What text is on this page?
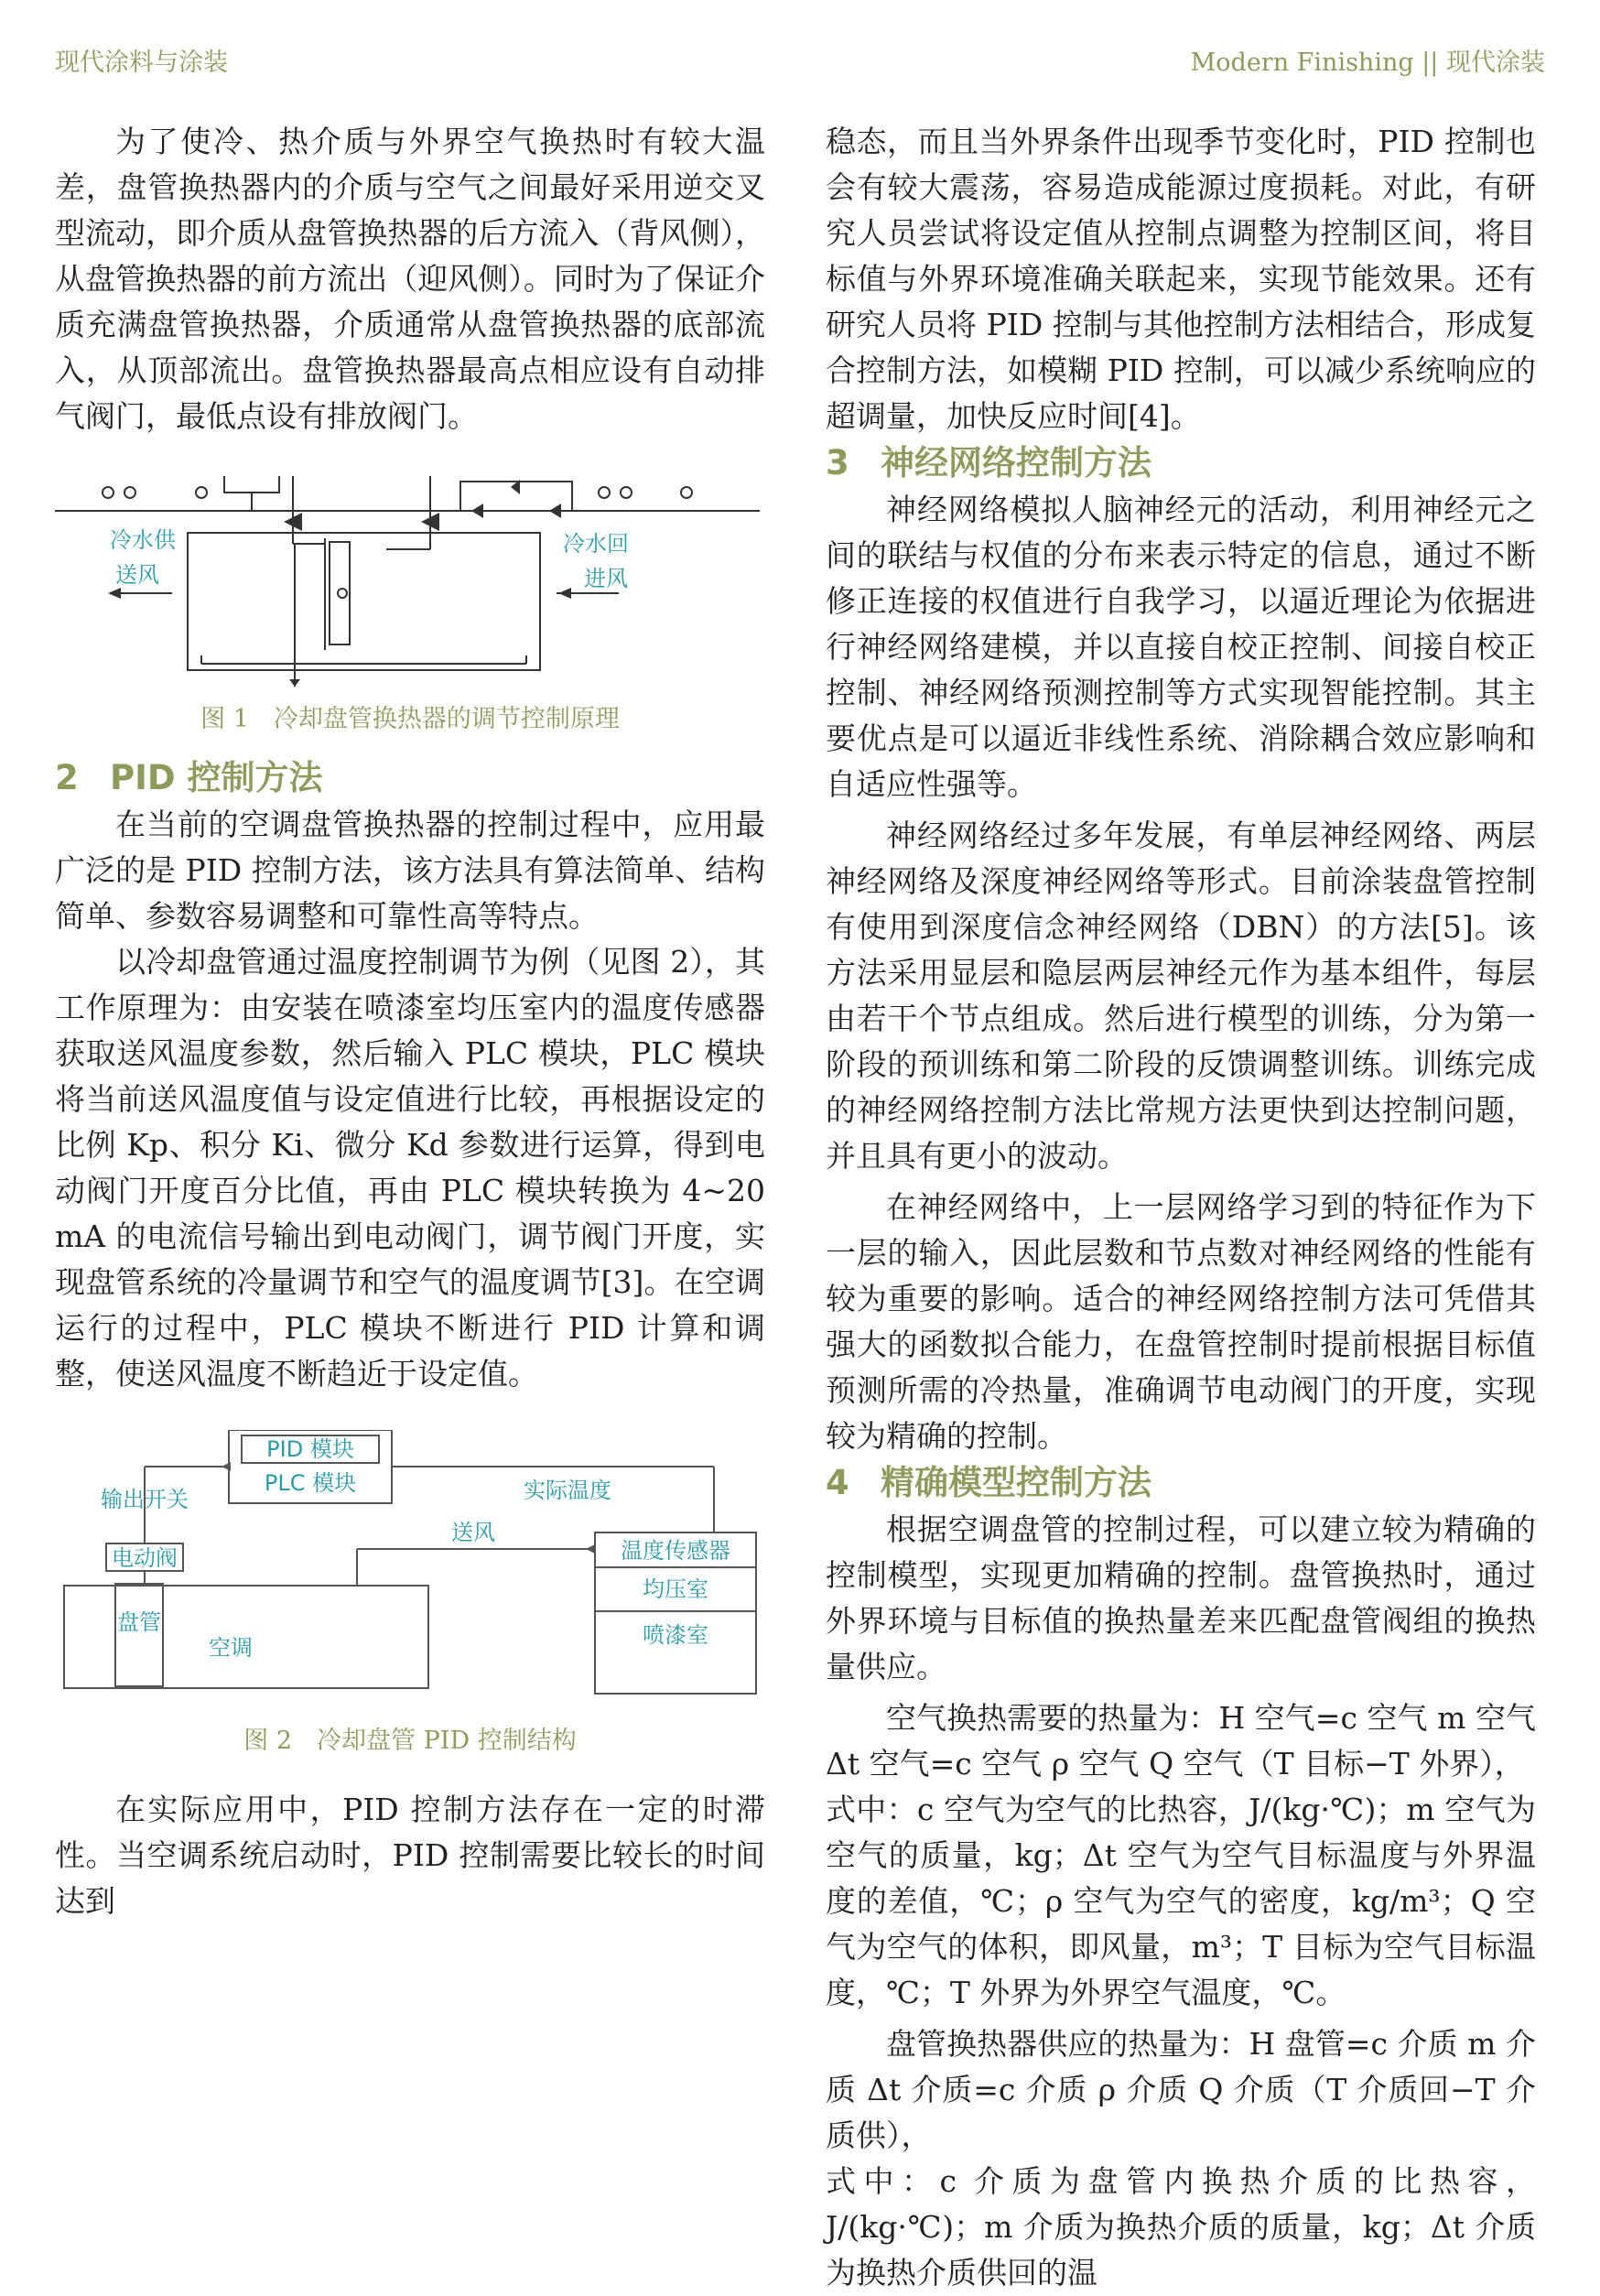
现代涂料与涂装	Modern Finishing || 现代涂装

为了使冷、热介质与外界空气换热时有较大温差，盘管换热器内的介质与空气之间最好采用逆交叉型流动，即介质从盘管换热器的后方流入（背风侧），从盘管换热器的前方流出（迎风侧）。同时为了保证介质充满盘管换热器，介质通常从盘管换热器的底部流入，从顶部流出。盘管换热器最高点相应设有自动排气阀门，最低点设有排放阀门。

冷水供	冷水回
送风	进风
图 1　冷却盘管换热器的调节控制原理
2 PID 控制方法

在当前的空调盘管换热器的控制过程中，应用最广泛的是 PID 控制方法，该方法具有算法简单、结构简单、参数容易调整和可靠性高等特点。

以冷却盘管通过温度控制调节为例（见图 2），其工作原理为：由安装在喷漆室均压室内的温度传感器获取送风温度参数，然后输入 PLC 模块，PLC 模块将当前送风温度值与设定值进行比较，再根据设定的比例 Kp、积分 Ki、微分 Kd 参数进行运算，得到电动阀门开度百分比值，再由 PLC 模块转换为 4~20 mA 的电流信号输出到电动阀门，调节阀门开度，实现盘管系统的冷量调节和空气的温度调节[3]。在空调运行的过程中，PLC 模块不断进行 PID 计算和调整，使送风温度不断趋近于设定值。

PID 模块
PLC 模块	实际温度
输出开关
送风
温度传感器
电动阀
均压室
盘管
空调	喷漆室
图 2　冷却盘管 PID 控制结构

在实际应用中，PID 控制方法存在一定的时滞性。当空调系统启动时，PID 控制需要比较长的时间达到

稳态，而且当外界条件出现季节变化时，PID 控制也会有较大震荡，容易造成能源过度损耗。对此，有研究人员尝试将设定值从控制点调整为控制区间，将目标值与外界环境准确关联起来，实现节能效果。还有研究人员将 PID 控制与其他控制方法相结合，形成复合控制方法，如模糊 PID 控制，可以减少系统响应的超调量，加快反应时间[4]。

3 神经网络控制方法

神经网络模拟人脑神经元的活动，利用神经元之间的联结与权值的分布来表示特定的信息，通过不断修正连接的权值进行自我学习，以逼近理论为依据进行神经网络建模，并以直接自校正控制、间接自校正控制、神经网络预测控制等方式实现智能控制。其主要优点是可以逼近非线性系统、消除耦合效应影响和自适应性强等。

神经网络经过多年发展，有单层神经网络、两层神经网络及深度神经网络等形式。目前涂装盘管控制有使用到深度信念神经网络（DBN）的方法[5]。该方法采用显层和隐层两层神经元作为基本组件，每层由若干个节点组成。然后进行模型的训练，分为第一阶段的预训练和第二阶段的反馈调整训练。训练完成的神经网络控制方法比常规方法更快到达控制问题，并且具有更小的波动。

在神经网络中，上一层网络学习到的特征作为下一层的输入，因此层数和节点数对神经网络的性能有较为重要的影响。适合的神经网络控制方法可凭借其强大的函数拟合能力，在盘管控制时提前根据目标值预测所需的冷热量，准确调节电动阀门的开度，实现较为精确的控制。

4 精确模型控制方法

根据空调盘管的控制过程，可以建立较为精确的控制模型，实现更加精确的控制。盘管换热时，通过外界环境与目标值的换热量差来匹配盘管阀组的换热量供应。

空气换热需要的热量为：H 空气=c 空气 m 空气 Δt 空气=c 空气 ρ 空气 Q 空气（T 目标−T 外界），

式中：c 空气为空气的比热容，J/(kg·℃)；m 空气为空气的质量，kg；Δt 空气为空气目标温度与外界温度的差值，℃；ρ 空气为空气的密度，kg/m³；Q 空气为空气的体积，即风量，m³；T 目标为空气目标温度，℃；T 外界为外界空气温度，℃。

盘管换热器供应的热量为：H 盘管=c 介质 m 介质 Δt 介质=c 介质 ρ 介质 Q 介质（T 介质回−T 介质供），

式中：c 介质为盘管内换热介质的比热容，J/(kg·℃)；m 介质为换热介质的质量，kg；Δt 介质为换热介质供回的温
